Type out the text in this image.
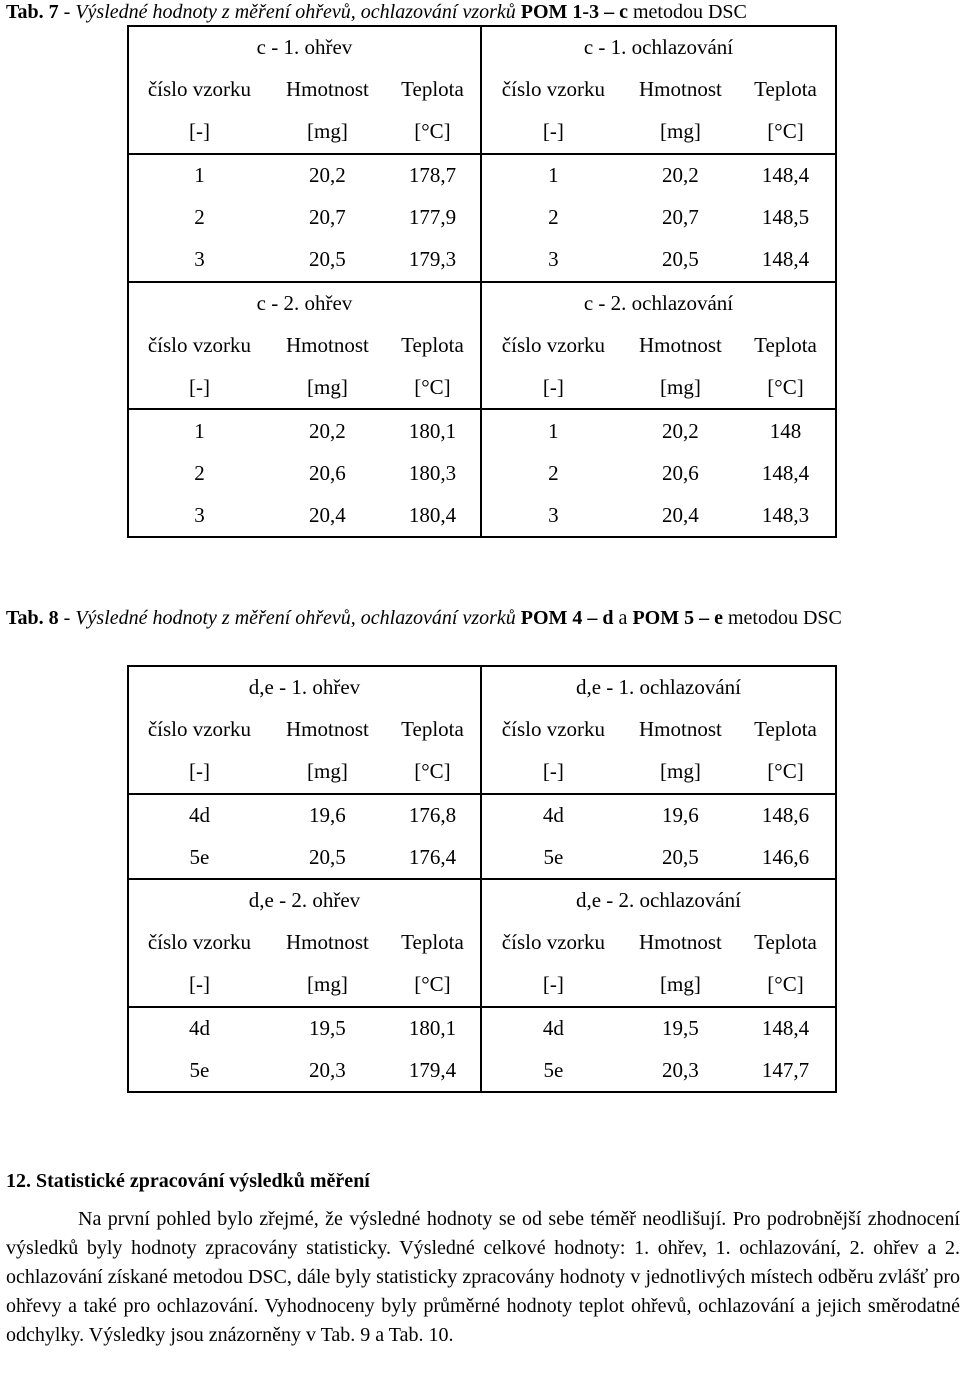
Tab. 7 - Výsledné hodnoty z měření ohřevů, ochlazování vzorků POM 1-3 – c metodou DSC
c - 1. ohřev			c - 1. ochlazování		
číslo vzorku	Hmotnost	Teplota	číslo vzorku	Hmotnost	Teplota
[-]	[mg]	[°C]	[-]	[mg]	[°C]
1	20,2	178,7	1	20,2	148,4
2	20,7	177,9	2	20,7	148,5
3	20,5	179,3	3	20,5	148,4
c - 2. ohřev			c - 2. ochlazování		
číslo vzorku	Hmotnost	Teplota	číslo vzorku	Hmotnost	Teplota
[-]	[mg]	[°C]	[-]	[mg]	[°C]
1	20,2	180,1	1	20,2	148
2	20,6	180,3	2	20,6	148,4
3	20,4	180,4	3	20,4	148,3
Tab. 8 - Výsledné hodnoty z měření ohřevů, ochlazování vzorků POM 4 – d a POM 5 – e metodou DSC
d,e - 1. ohřev			d,e - 1. ochlazování		
číslo vzorku	Hmotnost	Teplota	číslo vzorku	Hmotnost	Teplota
[-]	[mg]	[°C]	[-]	[mg]	[°C]
4d	19,6	176,8	4d	19,6	148,6
5e	20,5	176,4	5e	20,5	146,6
d,e - 2. ohřev			d,e - 2. ochlazování		
číslo vzorku	Hmotnost	Teplota	číslo vzorku	Hmotnost	Teplota
[-]	[mg]	[°C]	[-]	[mg]	[°C]
4d	19,5	180,1	4d	19,5	148,4
5e	20,3	179,4	5e	20,3	147,7
12. Statistické zpracování výsledků měření
Na první pohled bylo zřejmé, že výsledné hodnoty se od sebe téměř neodlišují. Pro podrobnější zhodnocení výsledků byly hodnoty zpracovány statisticky. Výsledné celkové hodnoty: 1. ohřev, 1. ochlazování, 2. ohřev a 2. ochlazování získané metodou DSC, dále byly statisticky zpracovány hodnoty v jednotlivých místech odběru zvlášť pro ohřevy a také pro ochlazování. Vyhodnoceny byly průměrné hodnoty teplot ohřevů, ochlazování a jejich směrodatné odchylky. Výsledky jsou znázorněny v Tab. 9 a Tab. 10.
